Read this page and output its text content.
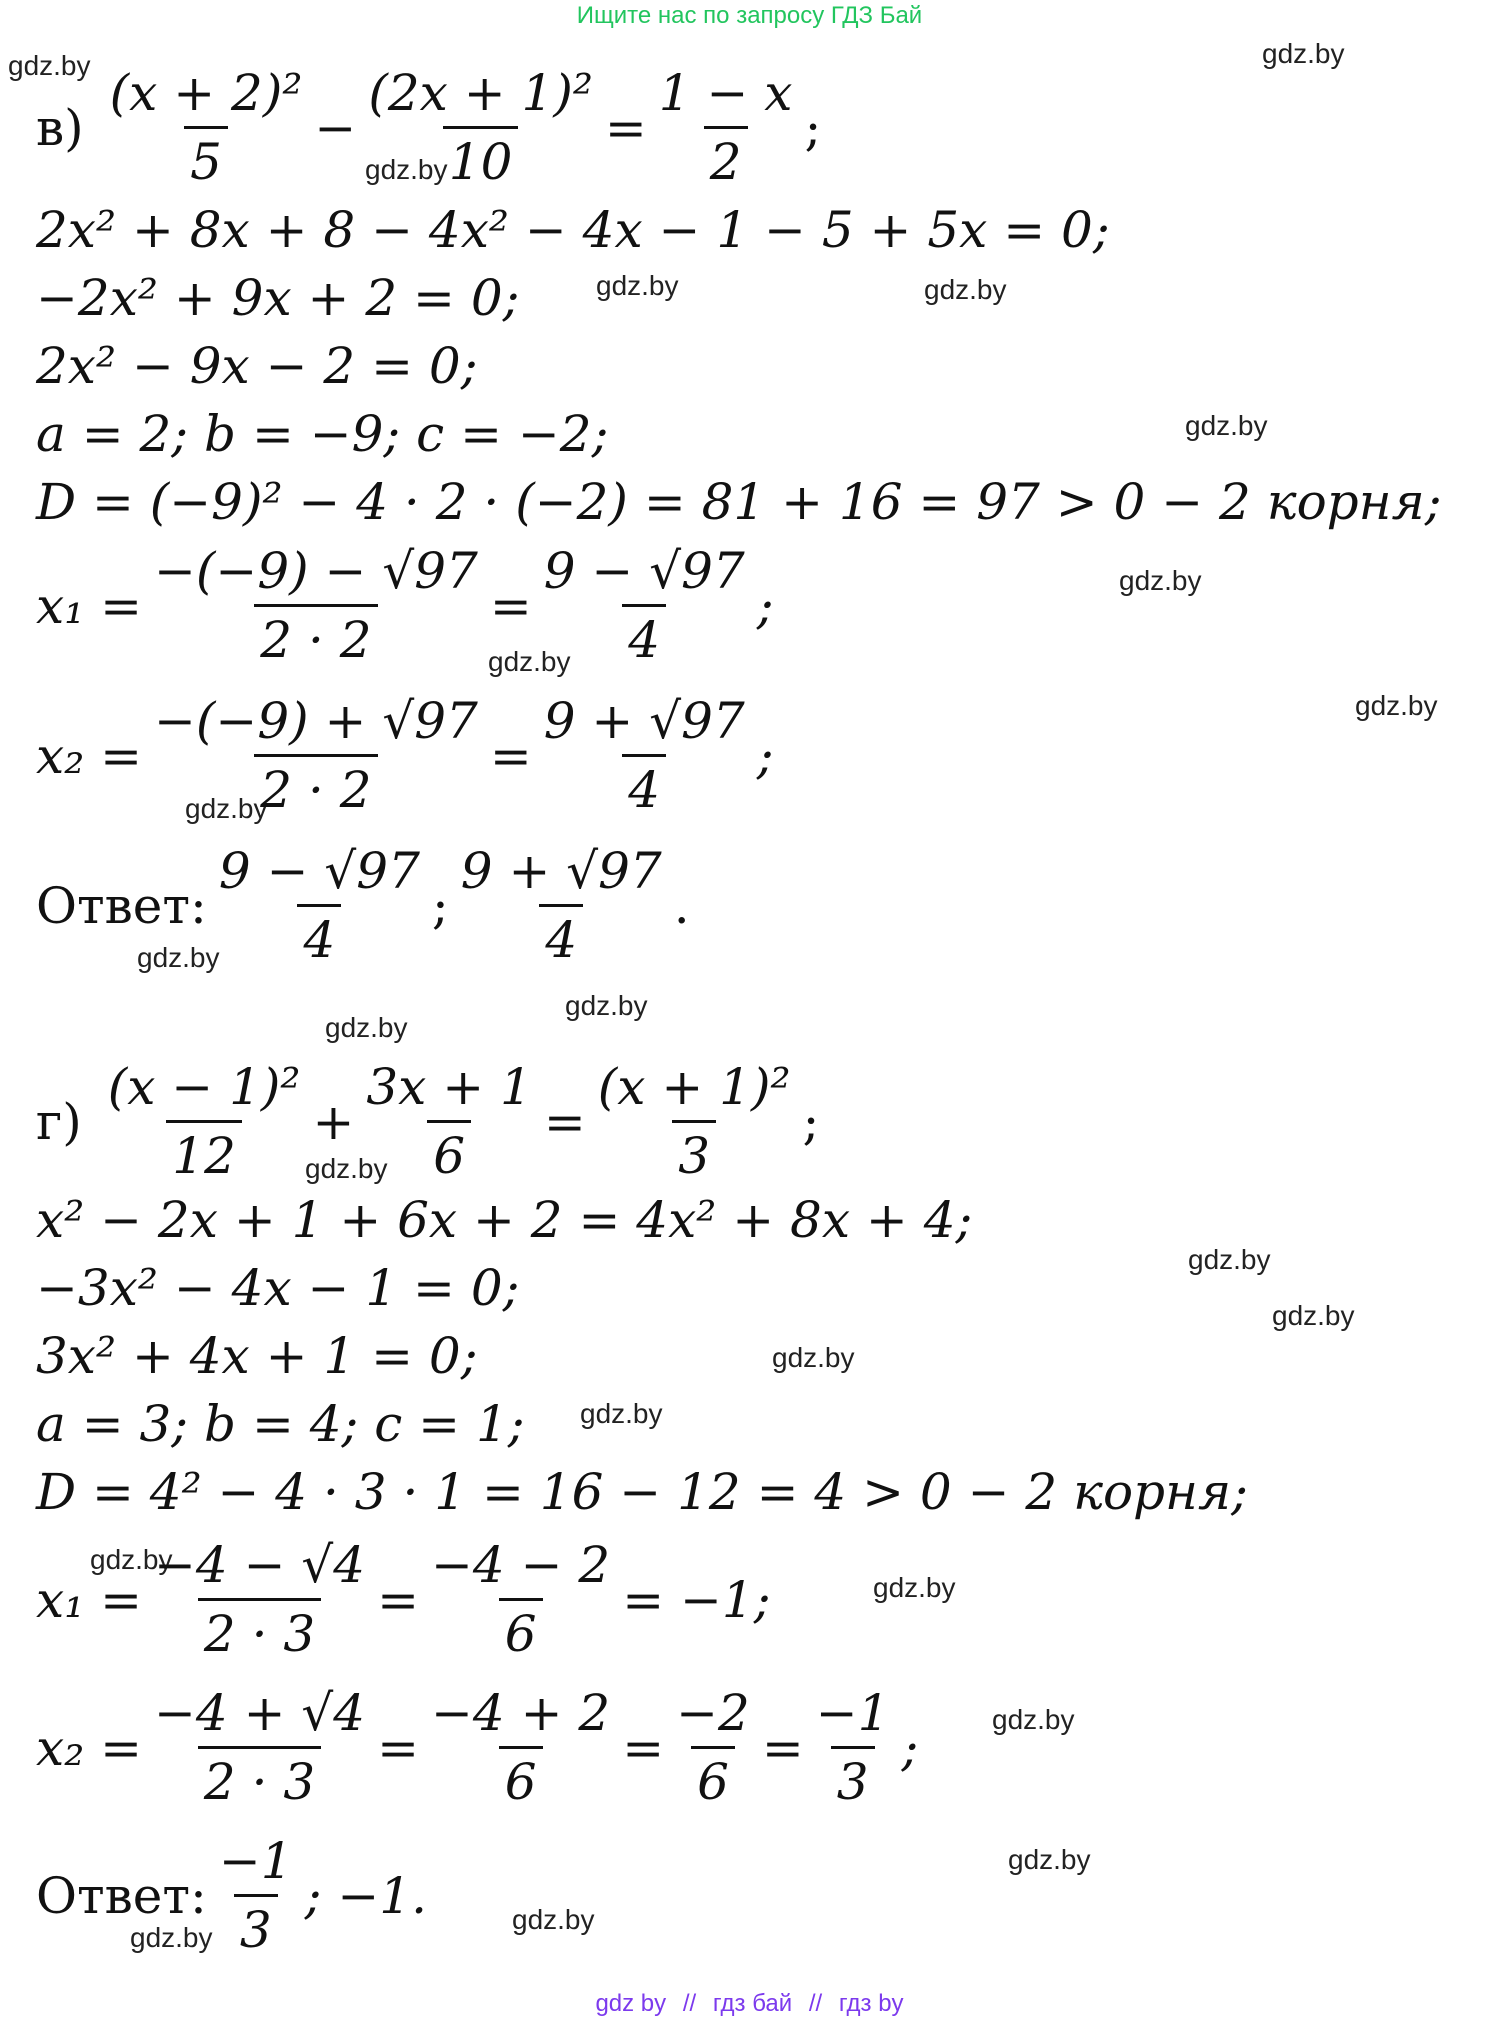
Ищите нас по запросу ГДЗ Бай
gdz.by	gdz.by
gdz.by
gdz.by	gdz.by
gdz.by
gdz.by
gdz.by
gdz.by
gdz.by
gdz.by
gdz.by
gdz.by
gdz.by
gdz.by
gdz.by
gdz.by
gdz.by
gdz.by
gdz.by
gdz.by
gdz.by
gdz.by
gdz.by
$в) \frac{\text{(x + 2)²}}{5} - \frac{\text{(2x + 1)²}}{10} = \frac{1 - x}{2}$ ;
2x² + 8x + 8 − 4x² − 4x − 1 − 5 + 5x = 0;
−2x² + 9x + 2 = 0;
2x² − 9x − 2 = 0;
a = 2; b = −9; c = −2;
D = (−9)² − 4 · 2 · (−2) = 81 + 16 = 97 > 0 − 2 корня;
$x_1 = \frac{-(-9) - √97}{2 \cdot 2} = \frac{9 - √97}{4}$ ;
$x_2 = \frac{-(-9) + √97}{2 \cdot 2} = \frac{9 + √97}{4}$ ;
Ответ: $\frac{9 - √97}{4}$ ; $\frac{9 + √97}{4}$ .
$г) \frac{\text{(x − 1)²}}{12} + \frac{3x + 1}{6} = \frac{\text{(x + 1)²}}{3}$ ;
x² − 2x + 1 + 6x + 2 = 4x² + 8x + 4;
−3x² − 4x − 1 = 0;
3x² + 4x + 1 = 0;
a = 3; b = 4; c = 1;
D = 4² − 4 · 3 · 1 = 16 − 12 = 4 > 0 − 2 корня;
$x_1 = \frac{-4 - √4}{2 \cdot 3} = \frac{-4 - 2}{6} = -1$;
$x_2 = \frac{-4 + √4}{2 \cdot 3} = \frac{-4 + 2}{6} = \frac{-2}{6} = \frac{-1}{3}$ ;
Ответ: $\frac{-1}{3}$ ; −1.
gdz by // гдз бай // гдз by
